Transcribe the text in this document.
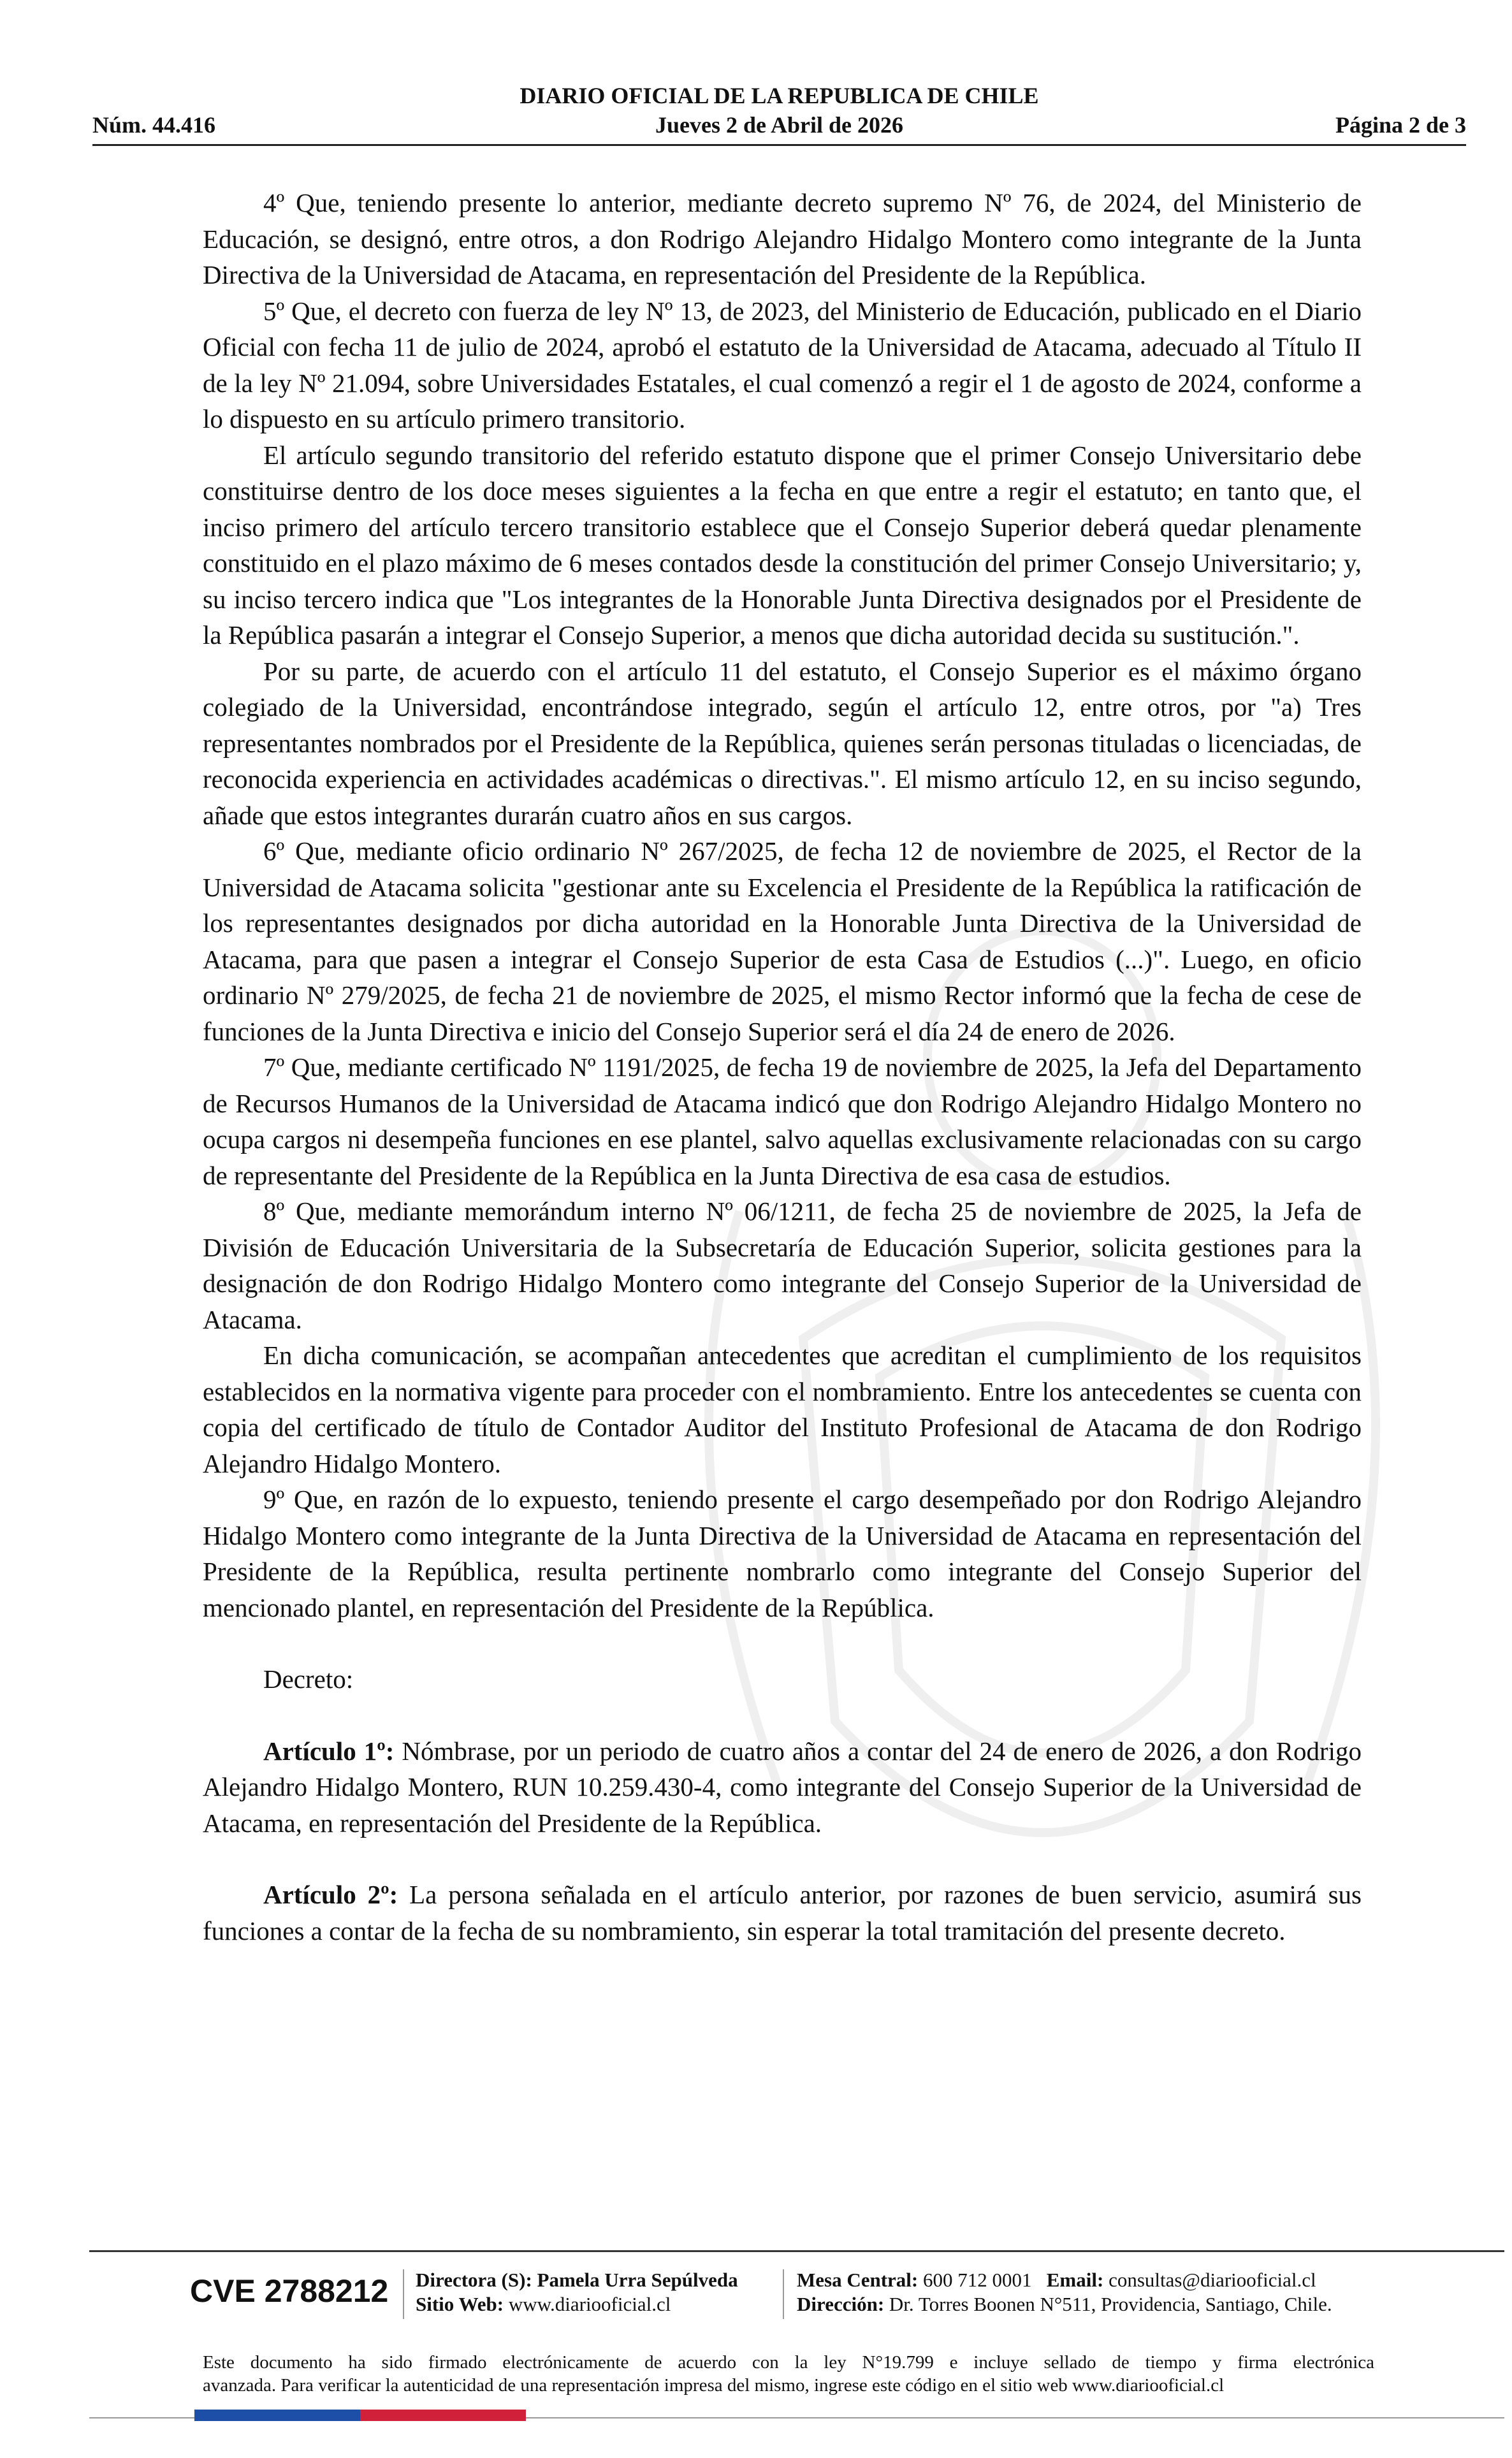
DIARIO OFICIAL DE LA REPUBLICA DE CHILE
Núm. 44.416	Jueves 2 de Abril de 2026	Página 2 de 3

4º Que, teniendo presente lo anterior, mediante decreto supremo Nº 76, de 2024, del Ministerio de Educación, se designó, entre otros, a don Rodrigo Alejandro Hidalgo Montero como integrante de la Junta Directiva de la Universidad de Atacama, en representación del Presidente de la República.

5º Que, el decreto con fuerza de ley Nº 13, de 2023, del Ministerio de Educación, publicado en el Diario Oficial con fecha 11 de julio de 2024, aprobó el estatuto de la Universidad de Atacama, adecuado al Título II de la ley Nº 21.094, sobre Universidades Estatales, el cual comenzó a regir el 1 de agosto de 2024, conforme a lo dispuesto en su artículo primero transitorio.

El artículo segundo transitorio del referido estatuto dispone que el primer Consejo Universitario debe constituirse dentro de los doce meses siguientes a la fecha en que entre a regir el estatuto; en tanto que, el inciso primero del artículo tercero transitorio establece que el Consejo Superior deberá quedar plenamente constituido en el plazo máximo de 6 meses contados desde la constitución del primer Consejo Universitario; y, su inciso tercero indica que "Los integrantes de la Honorable Junta Directiva designados por el Presidente de la República pasarán a integrar el Consejo Superior, a menos que dicha autoridad decida su sustitución.".

Por su parte, de acuerdo con el artículo 11 del estatuto, el Consejo Superior es el máximo órgano colegiado de la Universidad, encontrándose integrado, según el artículo 12, entre otros, por "a) Tres representantes nombrados por el Presidente de la República, quienes serán personas tituladas o licenciadas, de reconocida experiencia en actividades académicas o directivas.". El mismo artículo 12, en su inciso segundo, añade que estos integrantes durarán cuatro años en sus cargos.

6º Que, mediante oficio ordinario Nº 267/2025, de fecha 12 de noviembre de 2025, el Rector de la Universidad de Atacama solicita "gestionar ante su Excelencia el Presidente de la República la ratificación de los representantes designados por dicha autoridad en la Honorable Junta Directiva de la Universidad de Atacama, para que pasen a integrar el Consejo Superior de esta Casa de Estudios (...)". Luego, en oficio ordinario Nº 279/2025, de fecha 21 de noviembre de 2025, el mismo Rector informó que la fecha de cese de funciones de la Junta Directiva e inicio del Consejo Superior será el día 24 de enero de 2026.

7º Que, mediante certificado Nº 1191/2025, de fecha 19 de noviembre de 2025, la Jefa del Departamento de Recursos Humanos de la Universidad de Atacama indicó que don Rodrigo Alejandro Hidalgo Montero no ocupa cargos ni desempeña funciones en ese plantel, salvo aquellas exclusivamente relacionadas con su cargo de representante del Presidente de la República en la Junta Directiva de esa casa de estudios.

8º Que, mediante memorándum interno Nº 06/1211, de fecha 25 de noviembre de 2025, la Jefa de División de Educación Universitaria de la Subsecretaría de Educación Superior, solicita gestiones para la designación de don Rodrigo Hidalgo Montero como integrante del Consejo Superior de la Universidad de Atacama.

En dicha comunicación, se acompañan antecedentes que acreditan el cumplimiento de los requisitos establecidos en la normativa vigente para proceder con el nombramiento. Entre los antecedentes se cuenta con copia del certificado de título de Contador Auditor del Instituto Profesional de Atacama de don Rodrigo Alejandro Hidalgo Montero.

9º Que, en razón de lo expuesto, teniendo presente el cargo desempeñado por don Rodrigo Alejandro Hidalgo Montero como integrante de la Junta Directiva de la Universidad de Atacama en representación del Presidente de la República, resulta pertinente nombrarlo como integrante del Consejo Superior del mencionado plantel, en representación del Presidente de la República.

Decreto:

Artículo 1º: Nómbrase, por un periodo de cuatro años a contar del 24 de enero de 2026, a don Rodrigo Alejandro Hidalgo Montero, RUN 10.259.430-4, como integrante del Consejo Superior de la Universidad de Atacama, en representación del Presidente de la República.

Artículo 2º: La persona señalada en el artículo anterior, por razones de buen servicio, asumirá sus funciones a contar de la fecha de su nombramiento, sin esperar la total tramitación del presente decreto.

CVE 2788212 Directora (S): Pamela Urra Sepúlveda
Sitio Web: www.diariooficial.cl
Mesa Central: 600 712 0001 Email: consultas@diariooficial.cl
Dirección: Dr. Torres Boonen N°511, Providencia, Santiago, Chile.
Este documento ha sido firmado electrónicamente de acuerdo con la ley N°19.799 e incluye sellado de tiempo y firma electrónica
avanzada. Para verificar la autenticidad de una representación impresa del mismo, ingrese este código en el sitio web www.diariooficial.cl
